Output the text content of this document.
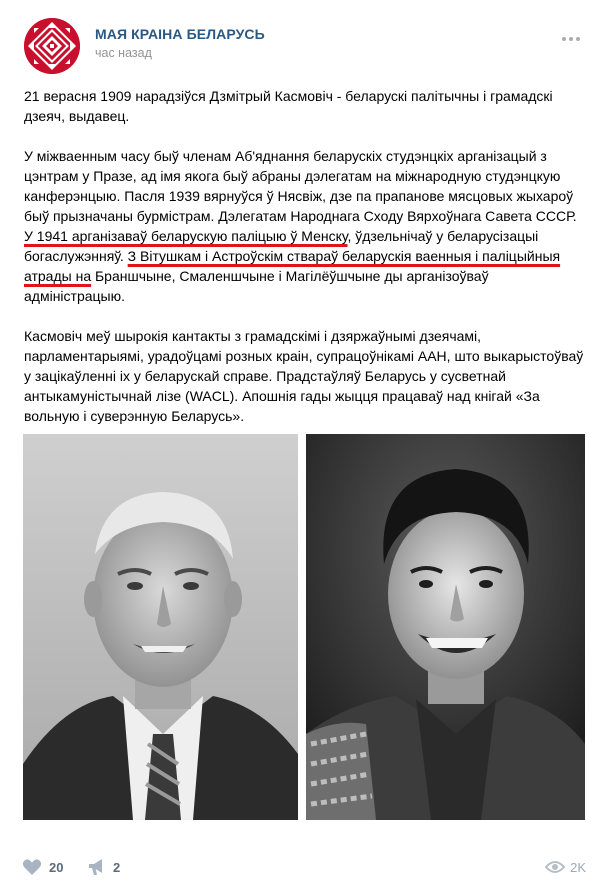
МАЯ КРАІНА БЕЛАРУСЬ
час назад

21 верасня 1909 нарадзіўся Дзмітрый Касмовіч - беларускі палітычны і грамадскі дзеяч, выдавец.

У міжваенным часу быў членам Аб'яднання беларускіх студэнцкіх арганізацый з цэнтрам у Празе, ад імя якога быў абраны дэлегатам на міжнародную студэнцкую канферэнцыю. Пасля 1939 вярнуўся ў Нясвіж, дзе па прапанове мясцовых жыхароў быў прызначаны бурмістрам. Дэлегатам Народнага Сходу Вярхоўнага Савета СССР. У 1941 арганізаваў беларускую паліцыю ў Менску, ўдзельнічаў у беларусізацыі богаслужэнняў. З Вітушкам і Астроўскім ствараў беларускія ваенныя і паліцыйныя атрады на Браншчыне, Смаленшчыне і Магілёўшчыне ды арганізоўваў адміністрацыю.

Касмовіч меў шырокія кантакты з грамадскімі і дзяржаўнымі дзеячамі, парламентарыямі, урадоўцамі розных краін, супрацоўнікамі ААН, што выкарыстоўваў у зацікаўленні іх у беларускай справе. Прадстаўляў Беларусь у сусветнай антыкамуністычнай лізе (WACL). Апошнія гады жыцця працаваў над кнігай «За вольную і суверэнную Беларусь».

20	2	2K
